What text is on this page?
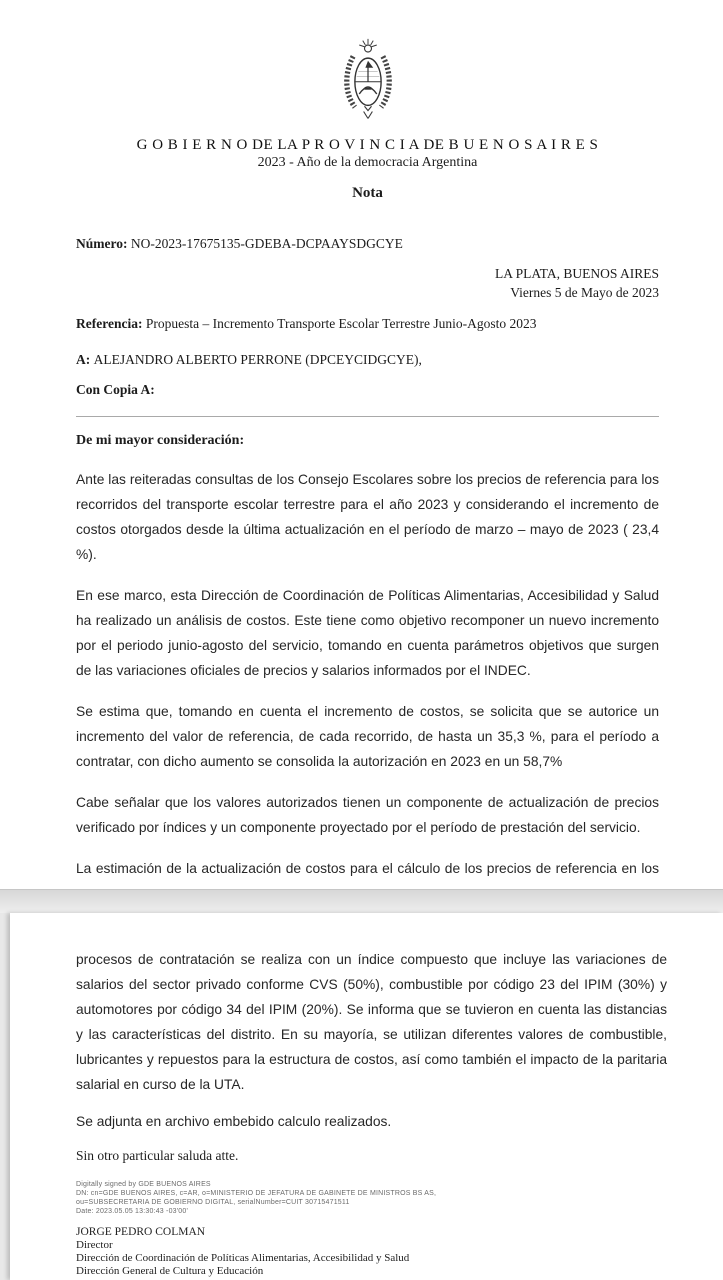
G O B I E R N O DE LA P R O V I N C I A DE B U E N O S A I R E S
2023 - Año de la democracia Argentina
Nota
Número: NO-2023-17675135-GDEBA-DCPAAYSDGCYE
LA PLATA, BUENOS AIRES
Viernes 5 de Mayo de 2023
Referencia: Propuesta – Incremento Transporte Escolar Terrestre Junio-Agosto 2023
A: ALEJANDRO ALBERTO PERRONE (DPCEYCIDGCYE),
Con Copia A:
De mi mayor consideración:

Ante las reiteradas consultas de los Consejo Escolares sobre los precios de referencia para los recorridos del transporte escolar terrestre para el año 2023 y considerando el incremento de costos otorgados desde la última actualización en el período de marzo – mayo de 2023 ( 23,4 %).

En ese marco, esta Dirección de Coordinación de Políticas Alimentarias, Accesibilidad y Salud ha realizado un análisis de costos. Este tiene como objetivo recomponer un nuevo incremento por el periodo junio-agosto del servicio, tomando en cuenta parámetros objetivos que surgen de las variaciones oficiales de precios y salarios informados por el INDEC.

Se estima que, tomando en cuenta el incremento de costos, se solicita que se autorice un incremento del valor de referencia, de cada recorrido, de hasta un 35,3 %, para el período a contratar, con dicho aumento se consolida la autorización en 2023 en un 58,7%

Cabe señalar que los valores autorizados tienen un componente de actualización de precios verificado por índices y un componente proyectado por el período de prestación del servicio.

La estimación de la actualización de costos para el cálculo de los precios de referencia en los

procesos de contratación se realiza con un índice compuesto que incluye las variaciones de salarios del sector privado conforme CVS (50%), combustible por código 23 del IPIM (30%) y automotores por código 34 del IPIM (20%). Se informa que se tuvieron en cuenta las distancias y las características del distrito. En su mayoría, se utilizan diferentes valores de combustible, lubricantes y repuestos para la estructura de costos, así como también el impacto de la paritaria salarial en curso de la UTA.

Se adjunta en archivo embebido calculo realizados.

Sin otro particular saluda atte.
Digitally signed by GDE BUENOS AIRES
DN: cn=GDE BUENOS AIRES, c=AR, o=MINISTERIO DE JEFATURA DE GABINETE DE MINISTROS BS AS,
ou=SUBSECRETARIA DE GOBIERNO DIGITAL, serialNumber=CUIT 30715471511
Date: 2023.05.05 13:30:43 -03'00'
JORGE PEDRO COLMAN
Director
Dirección de Coordinación de Políticas Alimentarias, Accesibilidad y Salud
Dirección General de Cultura y Educación
